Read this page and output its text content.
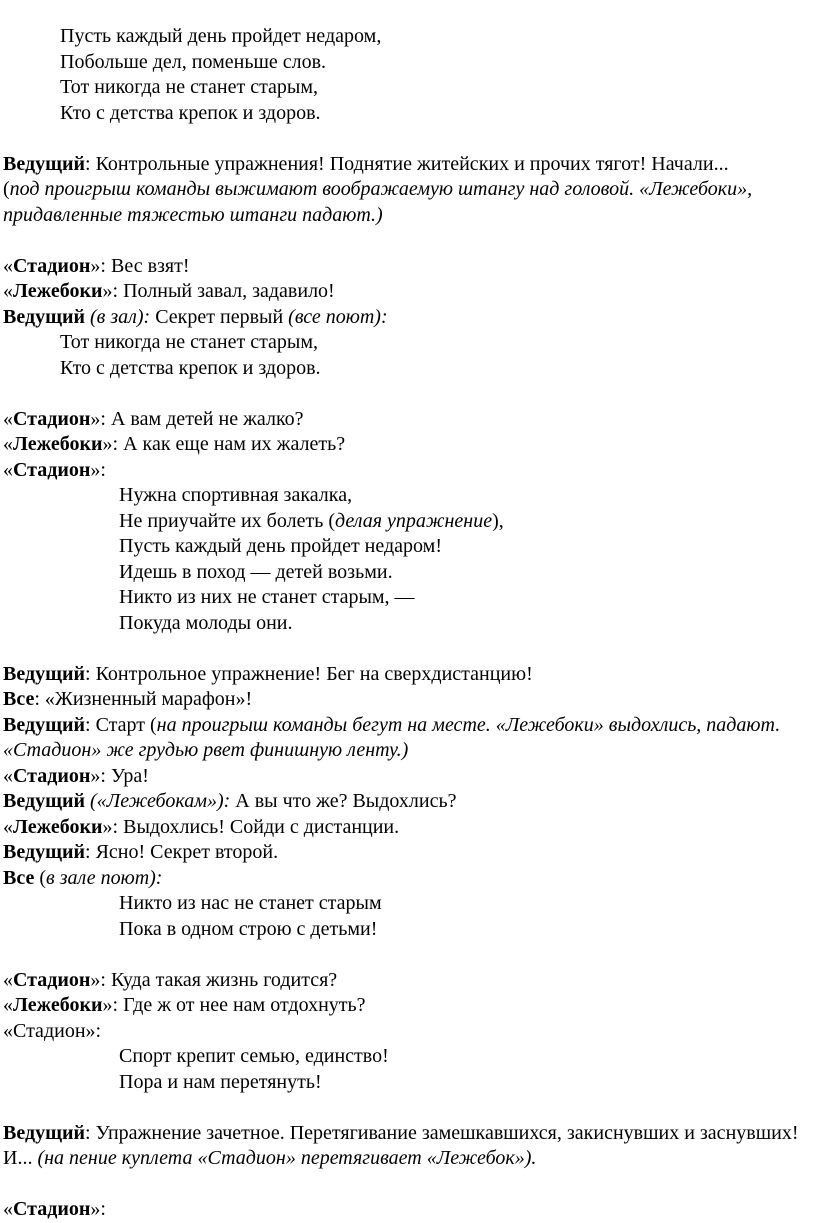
Пусть каждый день пройдет недаром,
Побольше дел, поменьше слов.
Тот никогда не станет старым,
Кто с детства крепок и здоров.
Ведущий: Контрольные упражнения! Поднятие житейских и прочих тягот! Начали...
(под проигрыш команды выжимают воображаемую штангу над головой. «Лежебоки», придавленные тяжестью штанги падают.)
«Стадион»: Вес взят!
«Лежебоки»: Полный завал, задавило!
Ведущий (в зал): Секрет первый (все поют):
Тот никогда не станет старым,
Кто с детства крепок и здоров.
«Стадион»: А вам детей не жалко?
«Лежебоки»: А как еще нам их жалеть?
«Стадион»:
Нужна спортивная закалка,
Не приучайте их болеть (делая упражнение),
Пусть каждый день пройдет недаром!
Идешь в поход — детей возьми.
Никто из них не станет старым, —
Покуда молоды они.
Ведущий: Контрольное упражнение! Бег на сверхдистанцию!
Все: «Жизненный марафон»!
Ведущий: Старт (на проигрыш команды бегут на месте. «Лежебоки» выдохлись, падают. «Стадион» же грудью рвет финишную ленту.)
«Стадион»: Ура!
Ведущий («Лежебокам»): А вы что же? Выдохлись?
«Лежебоки»: Выдохлись! Сойди с дистанции.
Ведущий: Ясно! Секрет второй.
Все (в зале поют):
Никто из нас не станет старым
Пока в одном строю с детьми!
«Стадион»: Куда такая жизнь годится?
«Лежебоки»: Где ж от нее нам отдохнуть?
«Стадион»:
Спорт крепит семью, единство!
Пора и нам перетянуть!
Ведущий: Упражнение зачетное. Перетягивание замешкавшихся, закиснувших и заснувших! И... (на пение куплета «Стадион» перетягивает «Лежебок»).
«Стадион»:
